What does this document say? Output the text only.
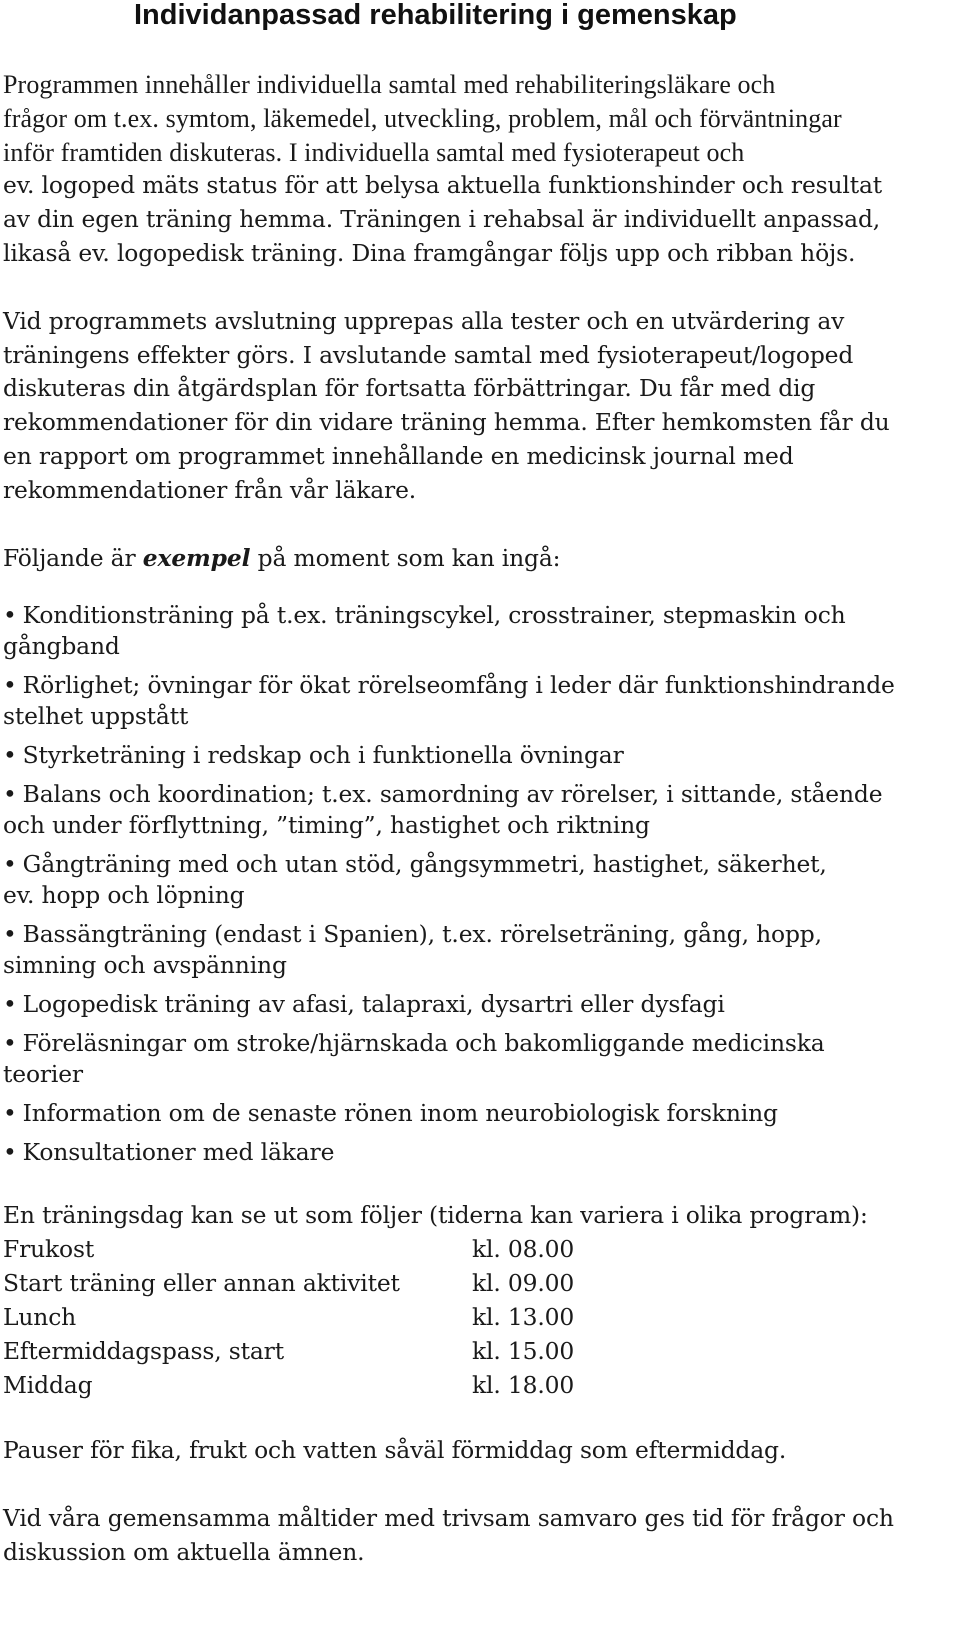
Individanpassad rehabilitering i gemenskap
Programmen innehåller individuella samtal med rehabiliteringsläkare och
frågor om t.ex. symtom, läkemedel, utveckling, problem, mål och förväntningar
inför framtiden diskuteras. I individuella samtal med fysioterapeut och
ev. logoped mäts status för att belysa aktuella funktionshinder och resultat
av din egen träning hemma. Träningen i rehabsal är individuellt anpassad,
likaså ev. logopedisk träning. Dina framgångar följs upp och ribban höjs.
Vid programmets avslutning upprepas alla tester och en utvärdering av
träningens effekter görs. I avslutande samtal med fysioterapeut/logoped
diskuteras din åtgärdsplan för fortsatta förbättringar. Du får med dig
rekommendationer för din vidare träning hemma. Efter hemkomsten får du
en rapport om programmet innehållande en medicinsk journal med
rekommendationer från vår läkare.
Följande är exempel på moment som kan ingå:
• Konditionsträning på t.ex. träningscykel, crosstrainer, stepmaskin och
gångband
• Rörlighet; övningar för ökat rörelseomfång i leder där funktionshindrande
stelhet uppstått
• Styrketräning i redskap och i funktionella övningar
• Balans och koordination; t.ex. samordning av rörelser, i sittande, stående
och under förflyttning, ”timing”, hastighet och riktning
• Gångträning med och utan stöd, gångsymmetri, hastighet, säkerhet,
ev. hopp och löpning
• Bassängträning (endast i Spanien), t.ex. rörelseträning, gång, hopp,
simning och avspänning
• Logopedisk träning av afasi, talapraxi, dysartri eller dysfagi
• Föreläsningar om stroke/hjärnskada och bakomliggande medicinska
teorier
• Information om de senaste rönen inom neurobiologisk forskning
• Konsultationer med läkare
En träningsdag kan se ut som följer (tiderna kan variera i olika program):
Frukost	kl. 08.00
Start träning eller annan aktivitet	kl. 09.00
Lunch	kl. 13.00
Eftermiddagspass, start	kl. 15.00
Middag	kl. 18.00
Pauser för fika, frukt och vatten såväl förmiddag som eftermiddag.
Vid våra gemensamma måltider med trivsam samvaro ges tid för frågor och
diskussion om aktuella ämnen.
